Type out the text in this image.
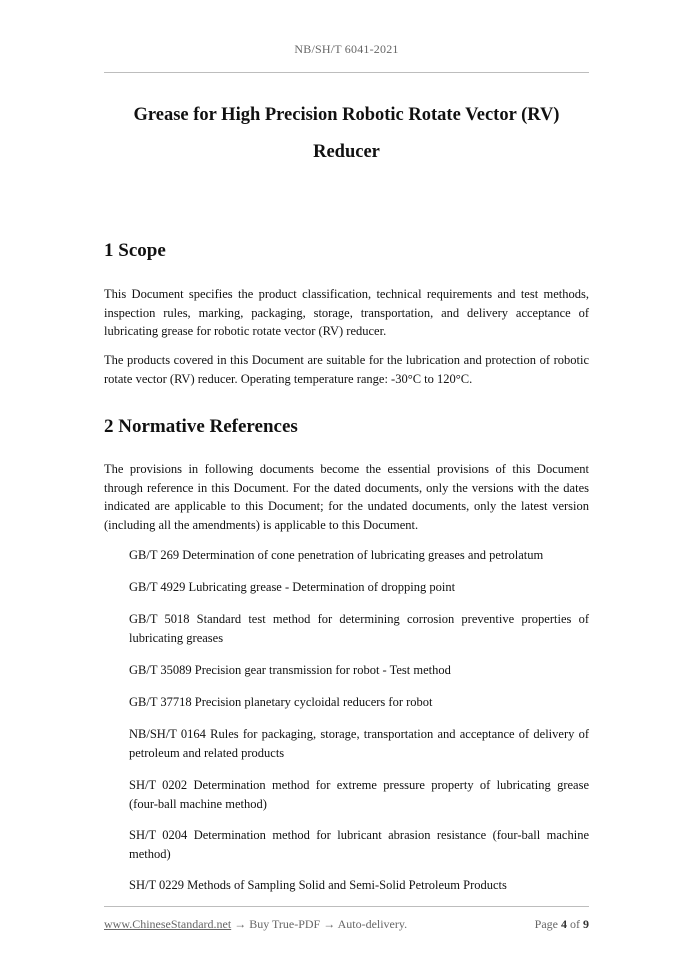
NB/SH/T 6041-2021
Grease for High Precision Robotic Rotate Vector (RV)
Reducer
1 Scope
This Document specifies the product classification, technical requirements and test methods, inspection rules, marking, packaging, storage, transportation, and delivery acceptance of lubricating grease for robotic rotate vector (RV) reducer.
The products covered in this Document are suitable for the lubrication and protection of robotic rotate vector (RV) reducer. Operating temperature range: -30°C to 120°C.
2 Normative References
The provisions in following documents become the essential provisions of this Document through reference in this Document. For the dated documents, only the versions with the dates indicated are applicable to this Document; for the undated documents, only the latest version (including all the amendments) is applicable to this Document.
GB/T 269 Determination of cone penetration of lubricating greases and petrolatum
GB/T 4929 Lubricating grease - Determination of dropping point
GB/T 5018 Standard test method for determining corrosion preventive properties of lubricating greases
GB/T 35089 Precision gear transmission for robot - Test method
GB/T 37718 Precision planetary cycloidal reducers for robot
NB/SH/T 0164 Rules for packaging, storage, transportation and acceptance of delivery of petroleum and related products
SH/T 0202 Determination method for extreme pressure property of lubricating grease (four-ball machine method)
SH/T 0204 Determination method for lubricant abrasion resistance (four-ball machine method)
SH/T 0229 Methods of Sampling Solid and Semi-Solid Petroleum Products
www.ChineseStandard.net → Buy True-PDF → Auto-delivery.	Page 4 of 9
